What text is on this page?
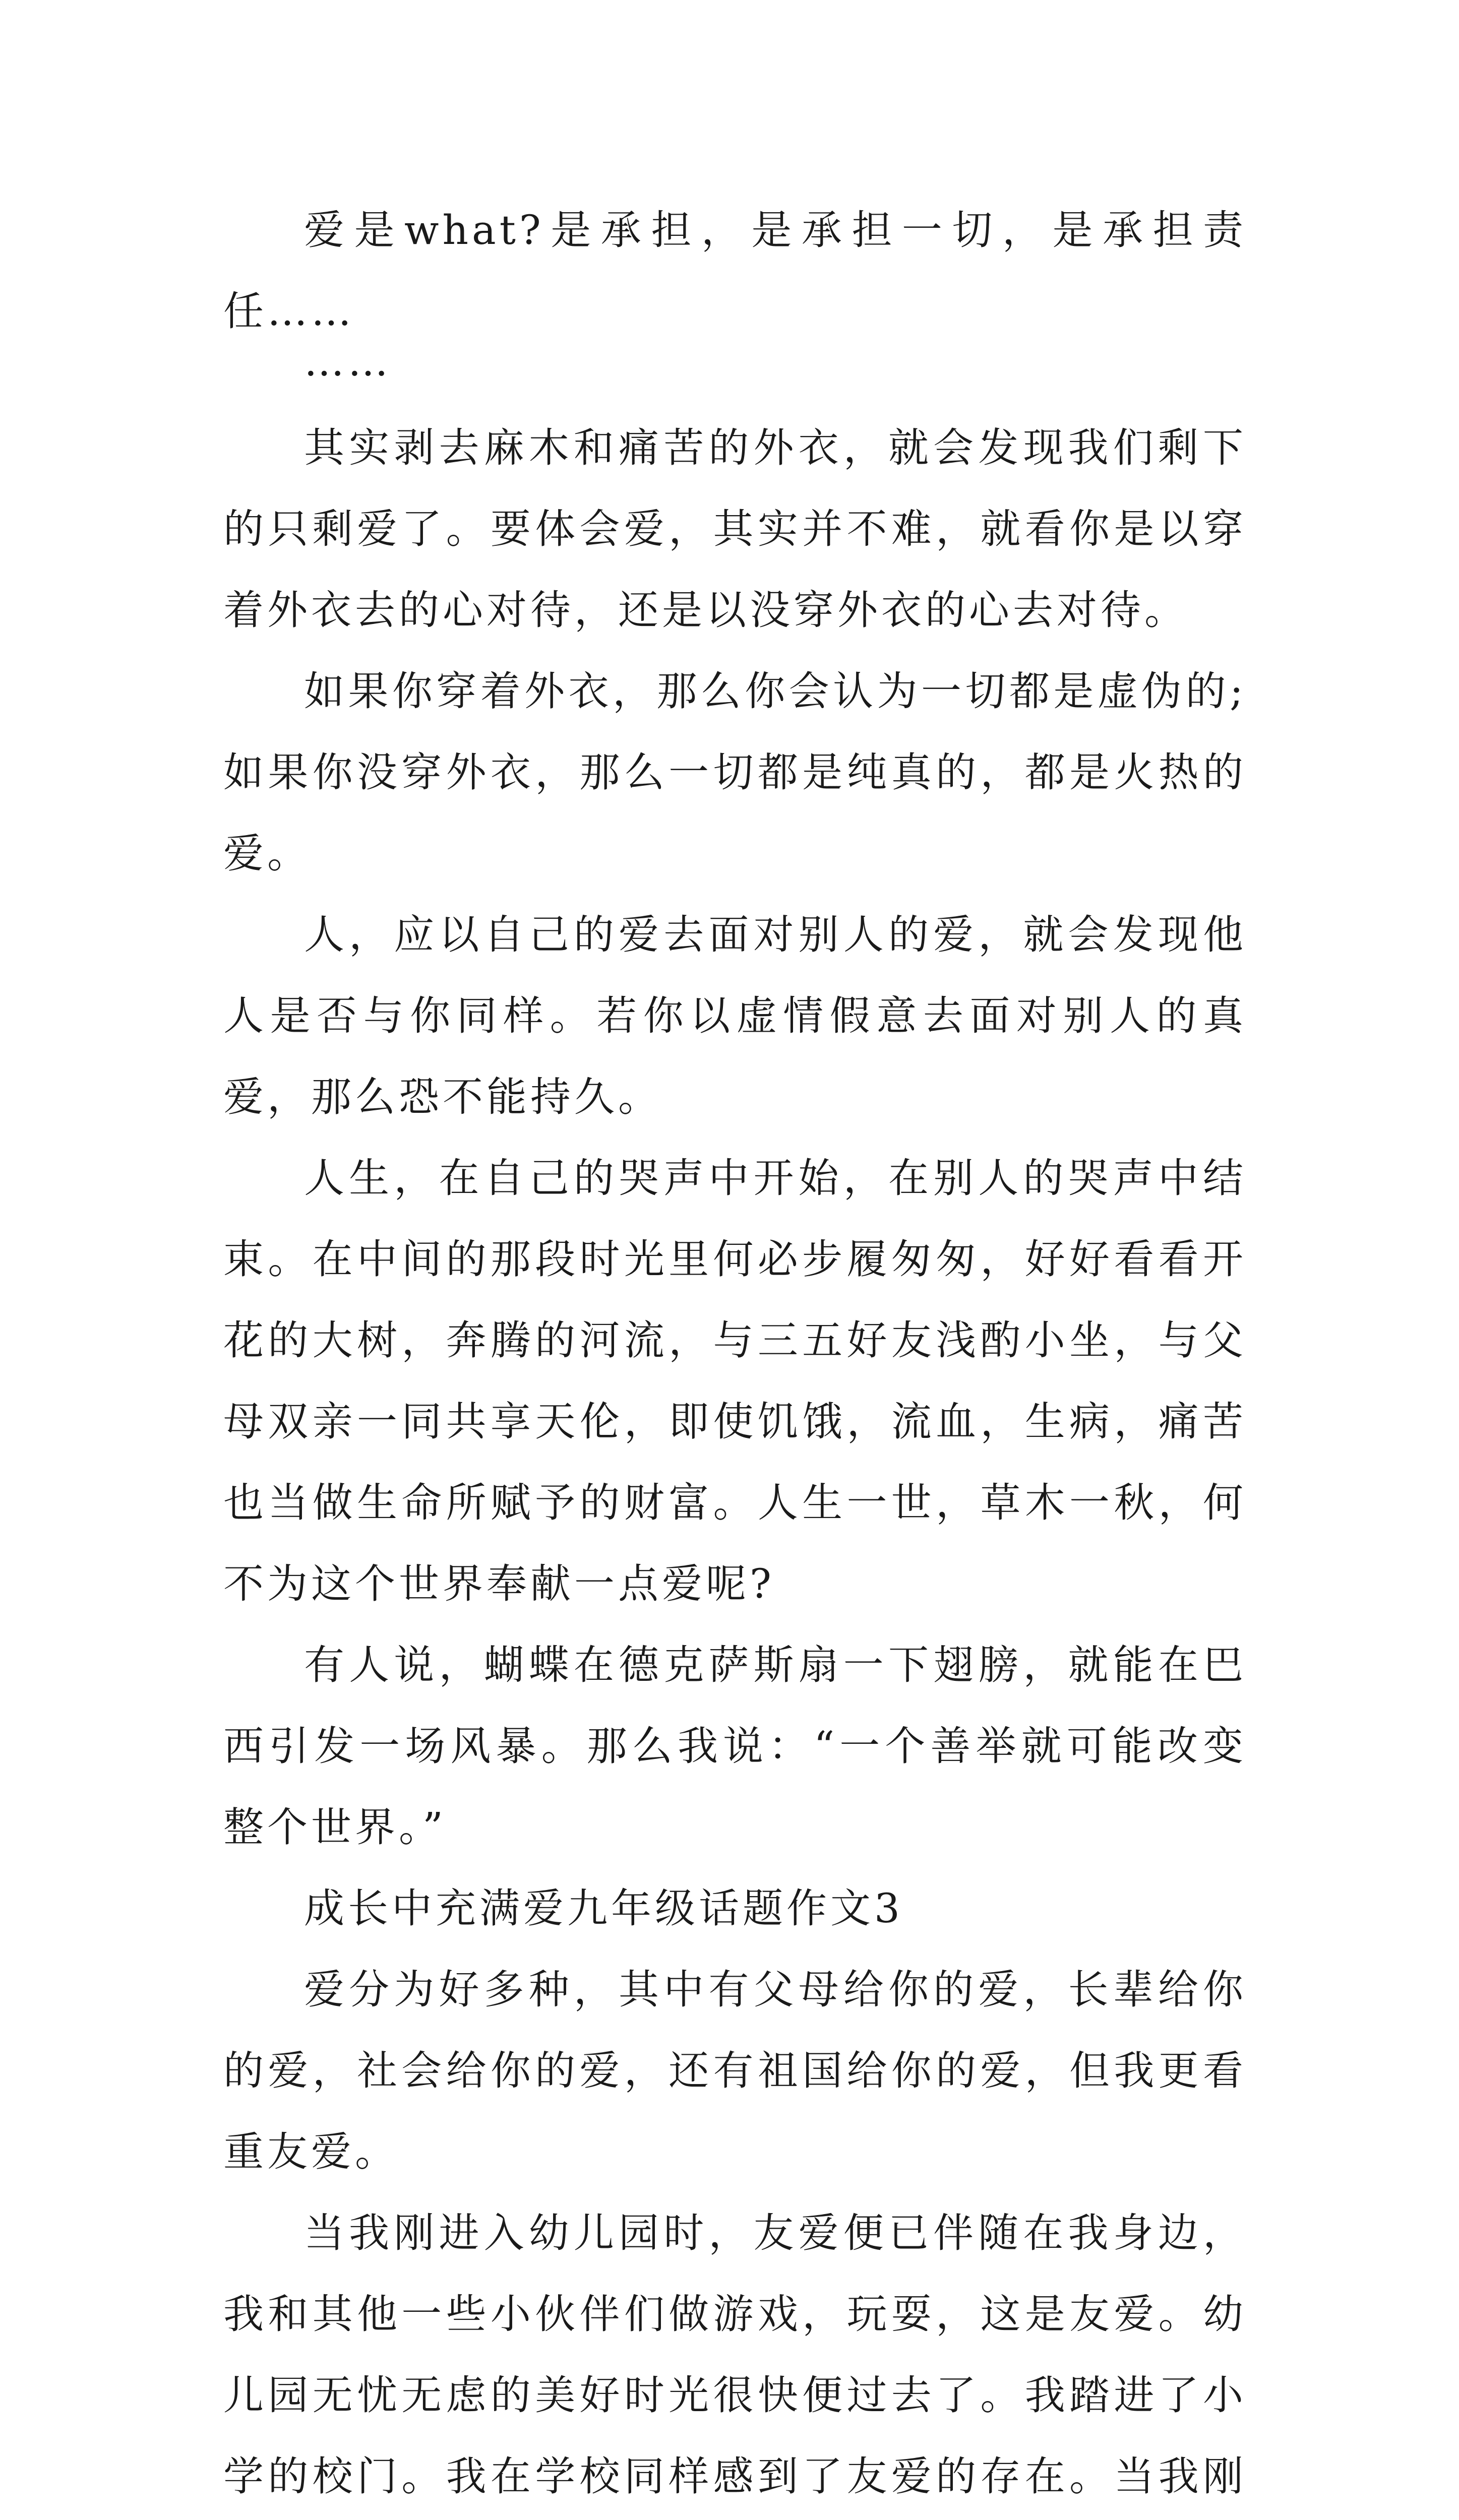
爱是what?是承担，是承担一切，是承担责任……

……

其实剥去麻木和痛苦的外衣，就会发现我们剩下的只剩爱了。要体会爱，其实并不难，就看你是以穿着外衣去的心对待，还是以没穿外衣的心去对待。

如果你穿着外衣，那么你会认为一切都是虚伪的;如果你没穿外衣，那么一切都是纯真的，都是火热的爱。

人，应以自己的爱去面对别人的爱，就会发现他人是否与你同样。若你以虚情假意去面对别人的真爱，那么恐不能持久。

人生，在自己的哭声中开始，在别人的哭声中结束。在中间的那段时光里何必步履匆匆，好好看看开花的大树，奔腾的河流，与三五好友浅酌小坐，与父母双亲一同共享天伦，即使饥饿，流血，生病，痛苦也当做生命所赋予的财富。人生一世，草木一秋，何不为这个世界奉献一点爱呢?

有人说，蝴蝶在德克萨斯扇一下翅膀，就能在巴西引发一场风暴。那么我说：“一个善举就可能改变整个世界。”

成长中充满爱九年级话题作文3

爱分为好多种，其中有父母给你的爱，长辈给你的爱，社会给你的爱，还有祖国给你的爱，但我更看重友爱。

当我刚进入幼儿园时，友爱便已伴随在我身边，我和其他一些小伙伴们做游戏，玩耍，这是友爱。幼儿园无忧无虑的美好时光很快便过去了。我踏进了小学的校门。我在学校同样感到了友爱的存在。当我刚
